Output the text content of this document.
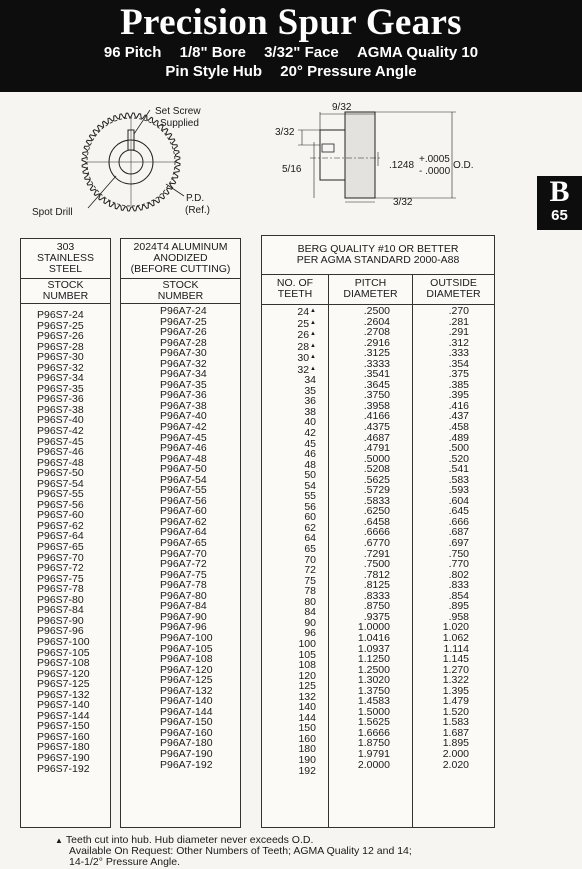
Precision Spur Gears
96 Pitch 1/8" Bore 3/32" Face AGMA Quality 10
Pin Style Hub 20° Pressure Angle
B
65
Set Screw
Supplied
Spot Drill
P.D.
(Ref.)
9/32
3/32
5/16	.1248
+.0005
- .0000
O.D.
3/32
303
STAINLESS
STEEL
STOCK
NUMBER
P96S7-24
P96S7-25
P96S7-26
P96S7-28
P96S7-30
P96S7-32
P96S7-34
P96S7-35
P96S7-36
P96S7-38
P96S7-40
P96S7-42
P96S7-45
P96S7-46
P96S7-48
P96S7-50
P96S7-54
P96S7-55
P96S7-56
P96S7-60
P96S7-62
P96S7-64
P96S7-65
P96S7-70
P96S7-72
P96S7-75
P96S7-78
P96S7-80
P96S7-84
P96S7-90
P96S7-96
P96S7-100
P96S7-105
P96S7-108
P96S7-120
P96S7-125
P96S7-132
P96S7-140
P96S7-144
P96S7-150
P96S7-160
P96S7-180
P96S7-190
P96S7-192
2024T4 ALUMINUM
ANODIZED
(BEFORE CUTTING)
STOCK
NUMBER
P96A7-24
P96A7-25
P96A7-26
P96A7-28
P96A7-30
P96A7-32
P96A7-34
P96A7-35
P96A7-36
P96A7-38
P96A7-40
P96A7-42
P96A7-45
P96A7-46
P96A7-48
P96A7-50
P96A7-54
P96A7-55
P96A7-56
P96A7-60
P96A7-62
P96A7-64
P96A7-65
P96A7-70
P96A7-72
P96A7-75
P96A7-78
P96A7-80
P96A7-84
P96A7-90
P96A7-96
P96A7-100
P96A7-105
P96A7-108
P96A7-120
P96A7-125
P96A7-132
P96A7-140
P96A7-144
P96A7-150
P96A7-160
P96A7-180
P96A7-190
P96A7-192
BERG QUALITY #10 OR BETTER
PER AGMA STANDARD 2000-A88
NO. OF
TEETH
PITCH
DIAMETER
OUTSIDE
DIAMETER
24▲
25▲
26▲
28▲
30▲
32▲
34
35
36
38
40
42
45
46
48
50
54
55
56
60
62
64
65
70
72
75
78
80
84
90
96
100
105
108
120
125
132
140
144
150
160
180
190
192
.2500
.2604
.2708
.2916
.3125
.3333
.3541
.3645
.3750
.3958
.4166
.4375
.4687
.4791
.5000
.5208
.5625
.5729
.5833
.6250
.6458
.6666
.6770
.7291
.7500
.7812
.8125
.8333
.8750
.9375
1.0000
1.0416
1.0937
1.1250
1.2500
1.3020
1.3750
1.4583
1.5000
1.5625
1.6666
1.8750
1.9791
2.0000
.270
.281
.291
.312
.333
.354
.375
.385
.395
.416
.437
.458
.489
.500
.520
.541
.583
.593
.604
.645
.666
.687
.697
.750
.770
.802
.833
.854
.895
.958
1.020
1.062
1.114
1.145
1.270
1.322
1.395
1.479
1.520
1.583
1.687
1.895
2.000
2.020
▲ Teeth cut into hub. Hub diameter never exceeds O.D.
Available On Request: Other Numbers of Teeth; AGMA Quality 12 and 14;
14-1/2° Pressure Angle.
